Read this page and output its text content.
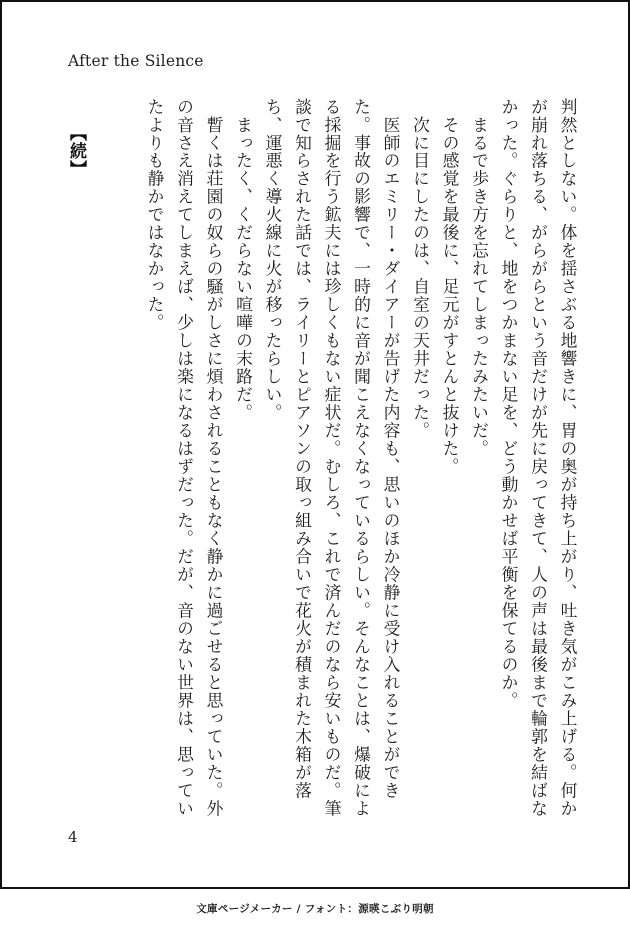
After the Silence

判然としない。体を揺さぶる地響きに、胃の奥が持ち上がり、吐き気がこみ上げる。何かが崩れ落ちる、がらがらという音だけが先に戻ってきて、人の声は最後まで輪郭を結ばなかった。ぐらりと、地をつかまない足を、どう動かせば平衡を保てるのか。

　まるで歩き方を忘れてしまったみたいだ。

　その感覚を最後に、足元がすとんと抜けた。

　次に目にしたのは、自室の天井だった。

　医師のエミリー・ダイアーが告げた内容も、思いのほか冷静に受け入れることができた。事故の影響で、一時的に音が聞こえなくなっているらしい。そんなことは、爆破による採掘を行う鉱夫には珍しくもない症状だ。むしろ、これで済んだのなら安いものだ。筆談で知らされた話では、ライリーとピアソンの取っ組み合いで花火が積まれた木箱が落ち、運悪く導火線に火が移ったらしい。

　まったく、くだらない喧嘩の末路だ。

　暫くは荘園の奴らの騒がしさに煩わされることもなく静かに過ごせると思っていた。外の音さえ消えてしまえば、少しは楽になるはずだった。だが、音のない世界は、思っていたよりも静かではなかった。

【続】
4
文庫ページメーカー / フォント：源暎こぶり明朝
